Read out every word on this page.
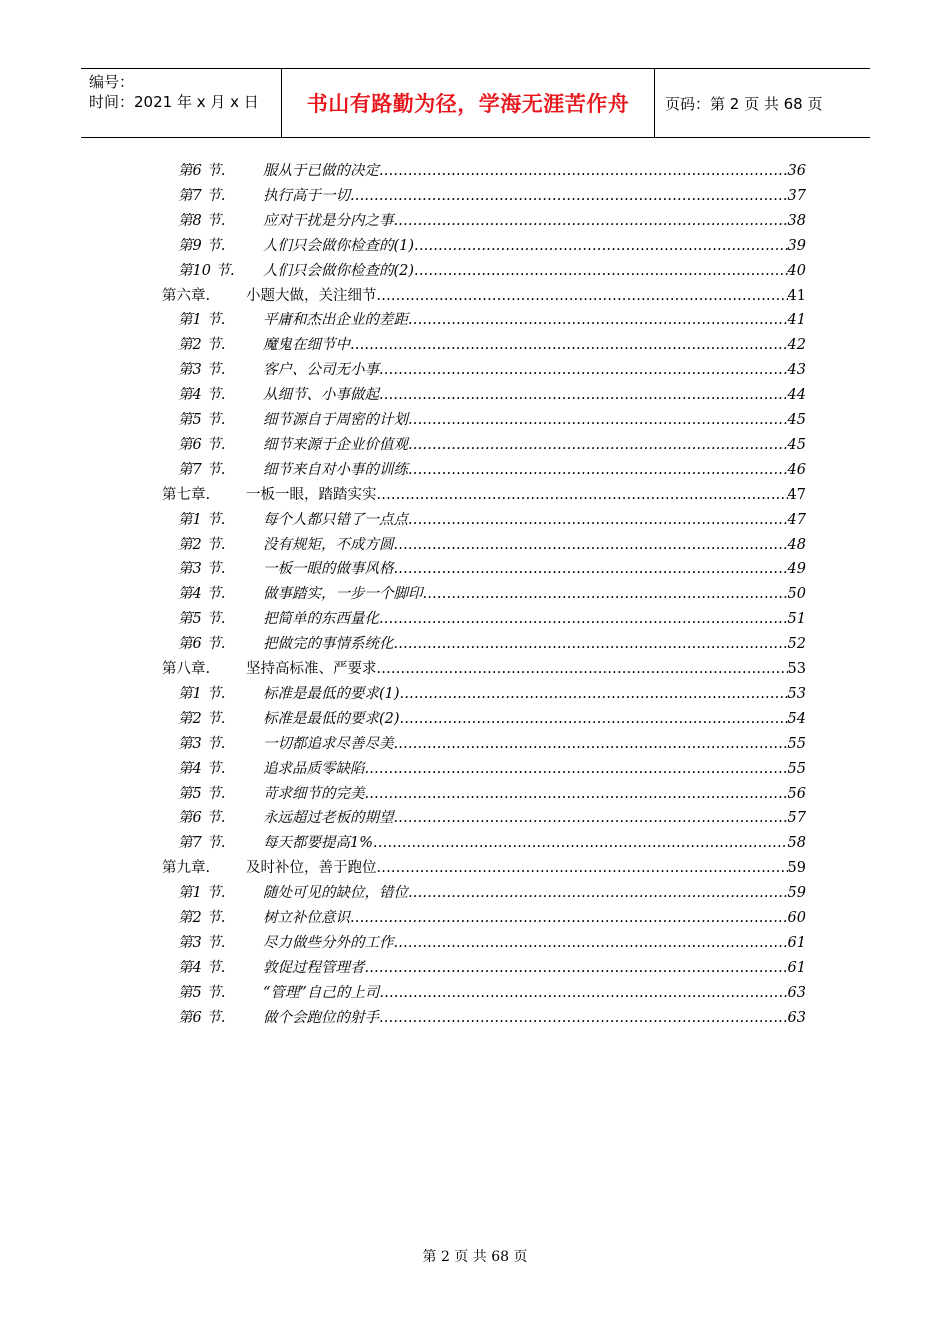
编号：
时间：2021 年 x 月 x 日	书山有路勤为径，学海无涯苦作舟	页码：第 2 页 共 68 页
第6 节.	服从于已做的决定 .....	36
第7 节.	执行高于一切 .....	37
第8 节.	应对干扰是分内之事 .....	38
第9 节.	人们只会做你检查的(1) .....	39
第10 节.	人们只会做你检查的(2) .....	40
第六章.	小题大做，关注细节 .....	41
第1 节.	平庸和杰出企业的差距 .....	41
第2 节.	魔鬼在细节中 .....	42
第3 节.	客户、公司无小事 .....	43
第4 节.	从细节、小事做起 .....	44
第5 节.	细节源自于周密的计划 .....	45
第6 节.	细节来源于企业价值观 .....	45
第7 节.	细节来自对小事的训练 .....	46
第七章.	一板一眼，踏踏实实 .....	47
第1 节.	每个人都只错了一点点 .....	47
第2 节.	没有规矩，不成方圆 .....	48
第3 节.	一板一眼的做事风格 .....	49
第4 节.	做事踏实，一步一个脚印 .....	50
第5 节.	把简单的东西量化 .....	51
第6 节.	把做完的事情系统化 .....	52
第八章.	坚持高标准、严要求 .....	53
第1 节.	标准是最低的要求(1) .....	53
第2 节.	标准是最低的要求(2) .....	54
第3 节.	一切都追求尽善尽美 .....	55
第4 节.	追求品质零缺陷 .....	55
第5 节.	苛求细节的完美 .....	56
第6 节.	永远超过老板的期望 .....	57
第7 节.	每天都要提高1% .....	58
第九章.	及时补位，善于跑位 .....	59
第1 节.	随处可见的缺位，错位 .....	59
第2 节.	树立补位意识 .....	60
第3 节.	尽力做些分外的工作 .....	61
第4 节.	敦促过程管理者 .....	61
第5 节.	“管理”自己的上司 .....	63
第6 节.	做个会跑位的射手 .....	63
第 2 页 共 68 页
